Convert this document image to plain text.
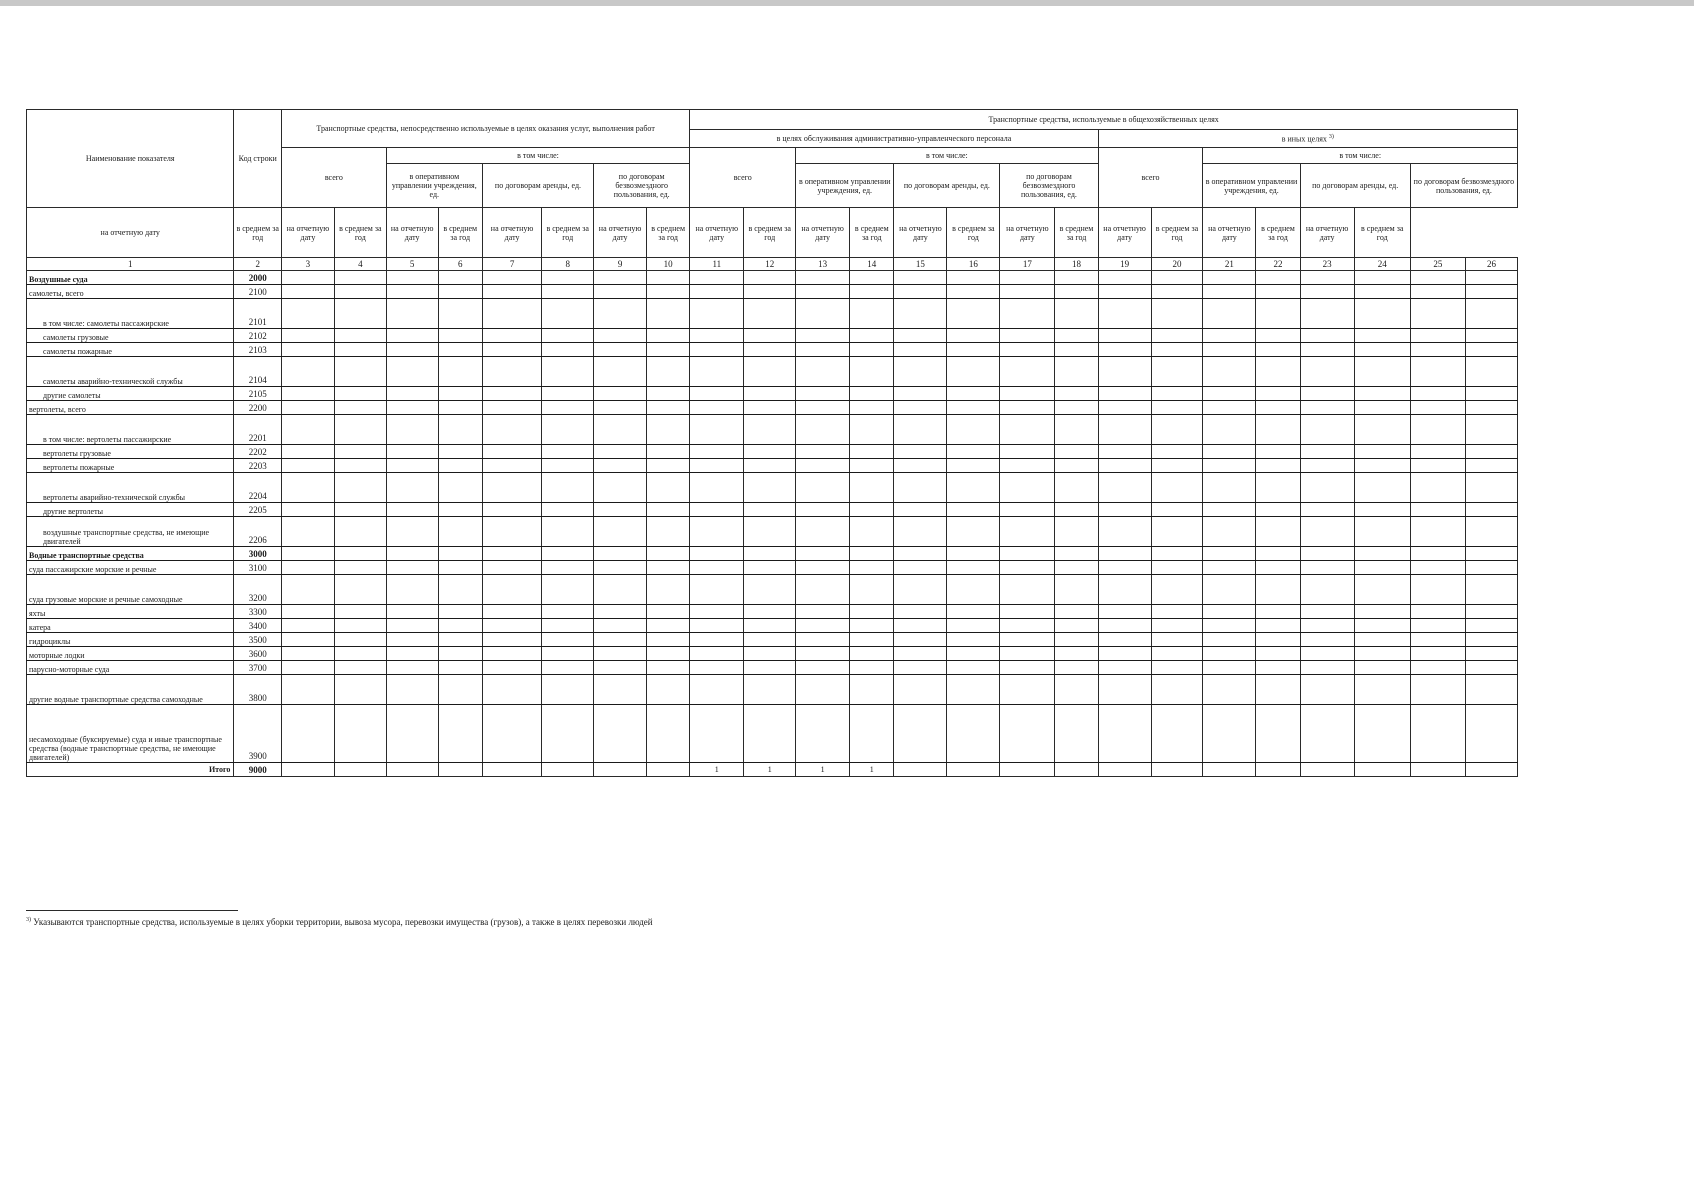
Наименование показателя	Код строки	Транспортные средства, непосредственно используемые в целях оказания услуг, выполнения работ								Транспортные средства, используемые в общехозяйственных целях															
										в целях обслуживания административно-управленческого персонала								в иных целях $^{3)}$
		всего		в том числе:						всего		в том числе:						всего		в том числе:					
				в оперативном управлении учреждения, ед.		по договорам аренды, ед.		по договорам безвозмездного пользования, ед.				в оперативном управлении учреждения, ед.		по договорам аренды, ед.		по договорам безвозмездного пользования, ед.				в оперативном управлении учреждения, ед.		по договорам аренды, ед.		по договорам безвозмездного пользования, ед.	
на отчетную дату	в среднем за год	на отчетную дату	в среднем за год	на отчетную дату	в среднем за год	на отчетную дату	в среднем за год	на отчетную дату	в среднем за год	на отчетную дату	в среднем за год	на отчетную дату	в среднем за год	на отчетную дату	в среднем за год	на отчетную дату	в среднем за год	на отчетную дату	в среднем за год	на отчетную дату	в среднем за год	на отчетную дату	в среднем за год		
1	2	3	4	5	6	7	8	9	10	11	12	13	14	15	16	17	18	19	20	21	22	23	24	25	26
Воздушные суда	2000																								
самолеты, всего	2100																								
в том числе: самолеты пассажирские	2101																								
самолеты грузовые	2102																								
самолеты пожарные	2103																								
самолеты аварийно-технической службы	2104																								
другие самолеты	2105																								
вертолеты, всего	2200																								
в том числе: вертолеты пассажирские	2201																								
вертолеты грузовые	2202																								
вертолеты пожарные	2203																								
вертолеты аварийно-технической службы	2204																								
другие вертолеты	2205																								
воздушные транспортные средства, не имеющие двигателей	2206																								
Водные транспортные средства	3000																								
суда пассажирские морские и речные	3100																								
суда грузовые морские и речные самоходные	3200																								
яхты	3300																								
катера	3400																								
гидроциклы	3500																								
моторные лодки	3600																								
парусно-моторные суда	3700																								
другие водные транспортные средства самоходные	3800																								
несамоходные (буксируемые) суда и иные транспортные средства (водные транспортные средства, не имеющие двигателей)	3900																								
Итого	9000									1	1	1	1												
$^{3)}$ Указываются транспортные средства, используемые в целях уборки территории, вывоза мусора, перевозки имущества (грузов), а также в целях перевозки людей
